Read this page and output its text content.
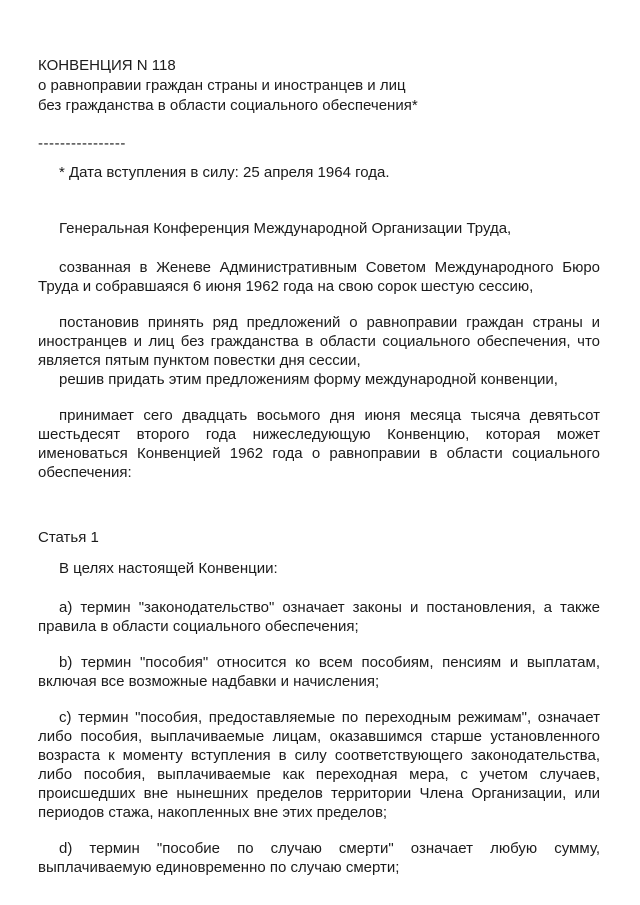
КОНВЕНЦИЯ N 118
о равноправии граждан страны и иностранцев и лиц
без гражданства в области социального обеспечения*
----------------
* Дата вступления в силу: 25 апреля 1964 года.
Генеральная Конференция Международной Организации Труда,
созванная в Женеве Административным Советом Международного Бюро Труда и собравшаяся 6 июня 1962 года на свою сорок шестую сессию,
постановив принять ряд предложений о равноправии граждан страны и иностранцев и лиц без гражданства в области социального обеспечения, что является пятым пунктом повестки дня сессии,
решив придать этим предложениям форму международной конвенции,
принимает сего двадцать восьмого дня июня месяца тысяча девятьсот шестьдесят второго года нижеследующую Конвенцию, которая может именоваться Конвенцией 1962 года о равноправии в области социального обеспечения:
Статья 1
В целях настоящей Конвенции:
a) термин "законодательство" означает законы и постановления, а также правила в области социального обеспечения;
b) термин "пособия" относится ко всем пособиям, пенсиям и выплатам, включая все возможные надбавки и начисления;
c) термин "пособия, предоставляемые по переходным режимам", означает либо пособия, выплачиваемые лицам, оказавшимся старше установленного возраста к моменту вступления в силу соответствующего законодательства, либо пособия, выплачиваемые как переходная мера, с учетом случаев, происшедших вне нынешних пределов территории Члена Организации, или периодов стажа, накопленных вне этих пределов;
d) термин "пособие по случаю смерти" означает любую сумму, выплачиваемую единовременно по случаю смерти;
